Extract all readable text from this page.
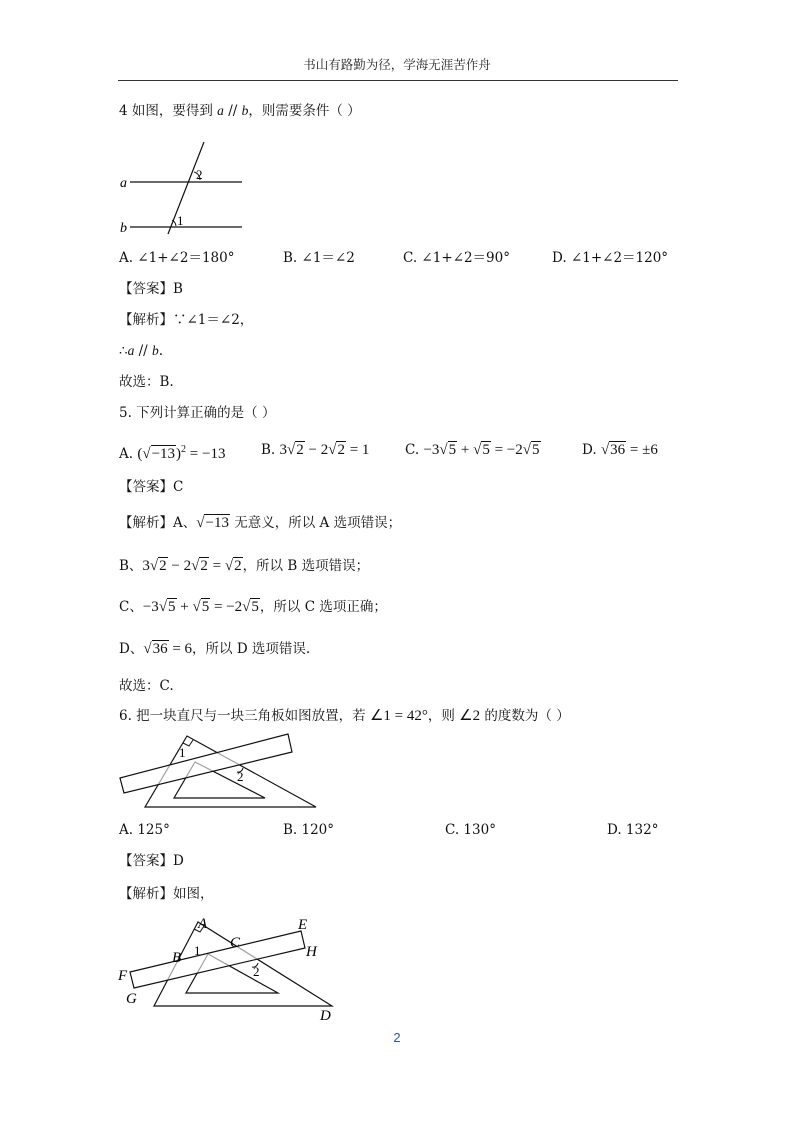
书山有路勤为径，学海无涯苦作舟
4 如图，要得到 a // b，则需要条件（ ）
a
b
2
1
A. ∠1+∠2＝180°	B. ∠1＝∠2	C. ∠1+∠2＝90°	D. ∠1+∠2＝120°
【答案】B
【解析】∵∠1＝∠2，
∴a // b.
故选：B.
5. 下列计算正确的是（ ）
A. $(√-13)^2 = -13$	B. 3√2 − 2√2 = 1	C. −3√5 + √5 = −2√5	D. √36 = ±6
【答案】C
【解析】A、√−13 无意义，所以 A 选项错误；
B、3√2 − 2√2 = √2，所以 B 选项错误；
C、−3√5 + √5 = −2√5，所以 C 选项正确；
D、√36 = 6，所以 D 选项错误.
故选：C.
6. 把一块直尺与一块三角板如图放置，若 ∠1 = 42°，则 ∠2 的度数为（ ）
1
2
A. 125°	B. 120°	C. 130°	D. 132°
【答案】D
【解析】如图，
A
B
C
D
E
F
G
H
1
2
2
